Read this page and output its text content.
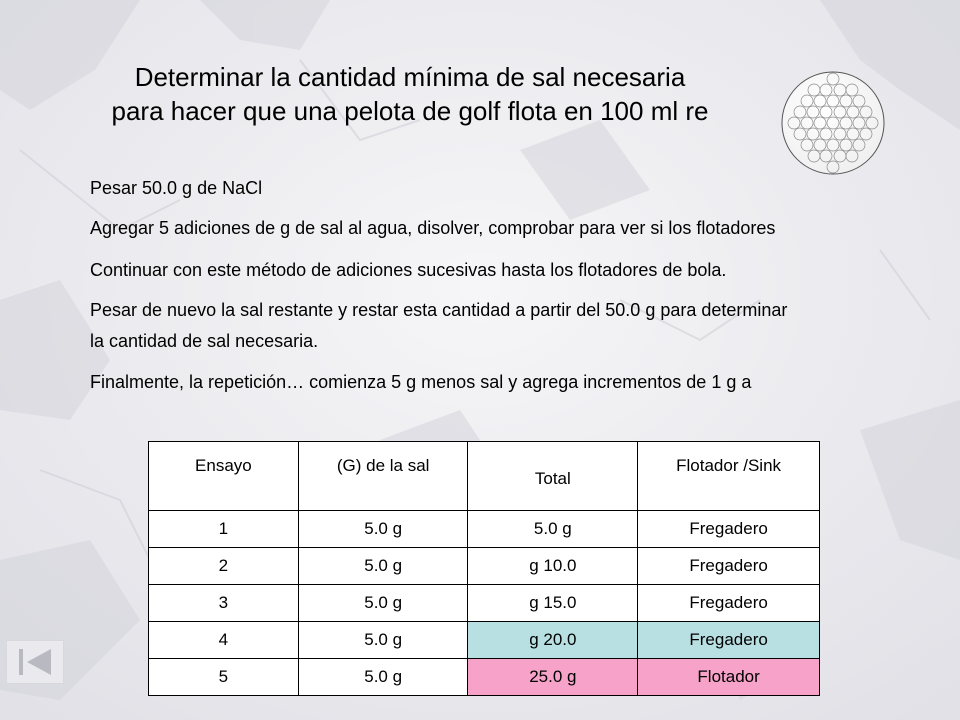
Determinar la cantidad mínima de sal necesaria
para hacer que una pelota de golf flota en 100 ml re
Pesar 50.0 g de NaCl
Agregar 5 adiciones de g de sal al agua, disolver, comprobar para ver si los flotadores
Continuar con este método de adiciones sucesivas hasta los flotadores de bola.
Pesar de nuevo la sal restante y restar esta cantidad a partir del 50.0 g para determinar
la cantidad de sal necesaria.
Finalmente, la repetición… comienza 5 g menos sal y agrega incrementos de 1 g a
Ensayo	(G) de la sal	Total	Flotador /Sink
1	5.0 g	5.0 g	Fregadero
2	5.0 g	g 10.0	Fregadero
3	5.0 g	g 15.0	Fregadero
4	5.0 g	g 20.0	Fregadero
5	5.0 g	25.0 g	Flotador
